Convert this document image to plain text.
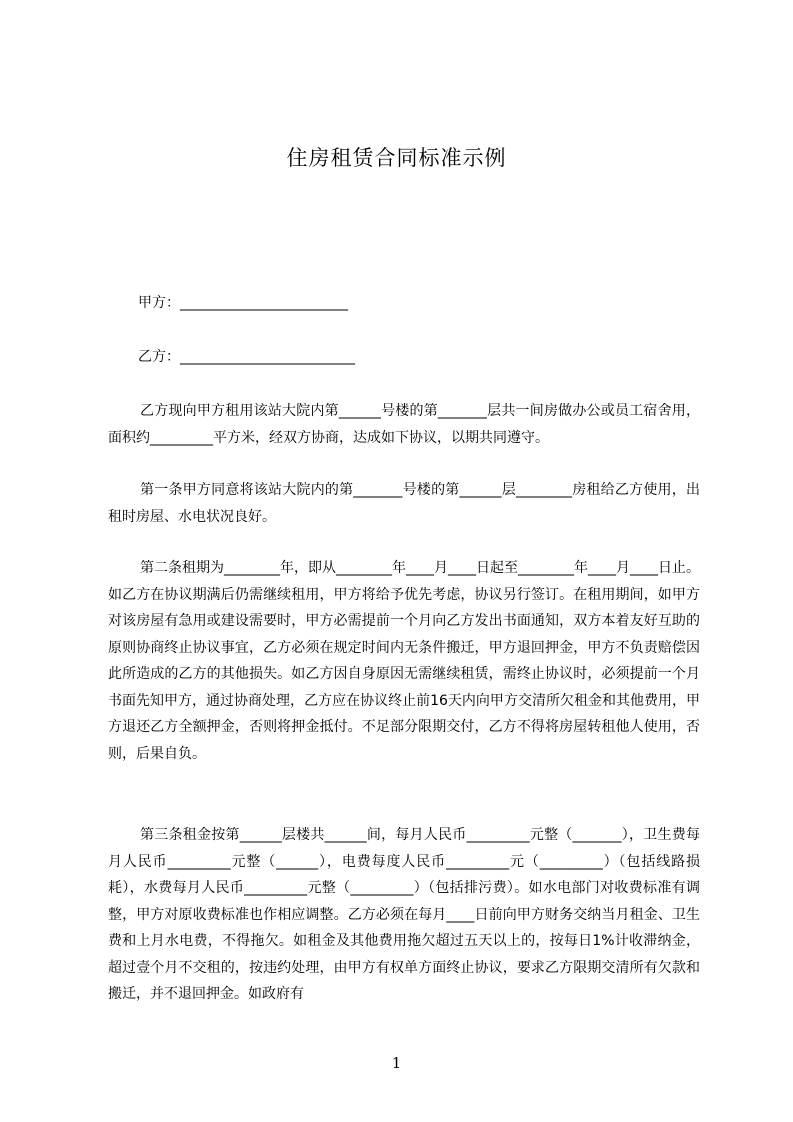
住房租赁合同标准示例
甲方：________________________
乙方：_________________________

乙方现向甲方租用该站大院内第______号楼的第_______层共一间房做办公或员工宿舍用，面积约_________平方米，经双方协商，达成如下协议，以期共同遵守。

第一条甲方同意将该站大院内的第_______号楼的第______层________房租给乙方使用，出租时房屋、水电状况良好。

第二条租期为________年，即从________年____月____日起至________年____月____日止。如乙方在协议期满后仍需继续租用，甲方将给予优先考虑，协议另行签订。在租用期间，如甲方对该房屋有急用或建设需要时，甲方必需提前一个月向乙方发出书面通知，双方本着友好互助的原则协商终止协议事宜，乙方必须在规定时间内无条件搬迁，甲方退回押金，甲方不负责赔偿因此所造成的乙方的其他损失。如乙方因自身原因无需继续租赁，需终止协议时，必须提前一个月书面先知甲方，通过协商处理，乙方应在协议终止前16天内向甲方交清所欠租金和其他费用，甲方退还乙方全额押金，否则将押金抵付。不足部分限期交付，乙方不得将房屋转租他人使用，否则，后果自负。

第三条租金按第______层楼共______间，每月人民币_________元整（_______），卫生费每月人民币_________元整（______），电费每度人民币_________元（_________）（包括线路损耗），水费每月人民币_________元整（_________）（包括排污费）。如水电部门对收费标准有调整，甲方对原收费标准也作相应调整。乙方必须在每月____日前向甲方财务交纳当月租金、卫生费和上月水电费，不得拖欠。如租金及其他费用拖欠超过五天以上的，按每日1%计收滞纳金，超过壹个月不交租的，按违约处理，由甲方有权单方面终止协议，要求乙方限期交清所有欠款和搬迁，并不退回押金。如政府有

1
